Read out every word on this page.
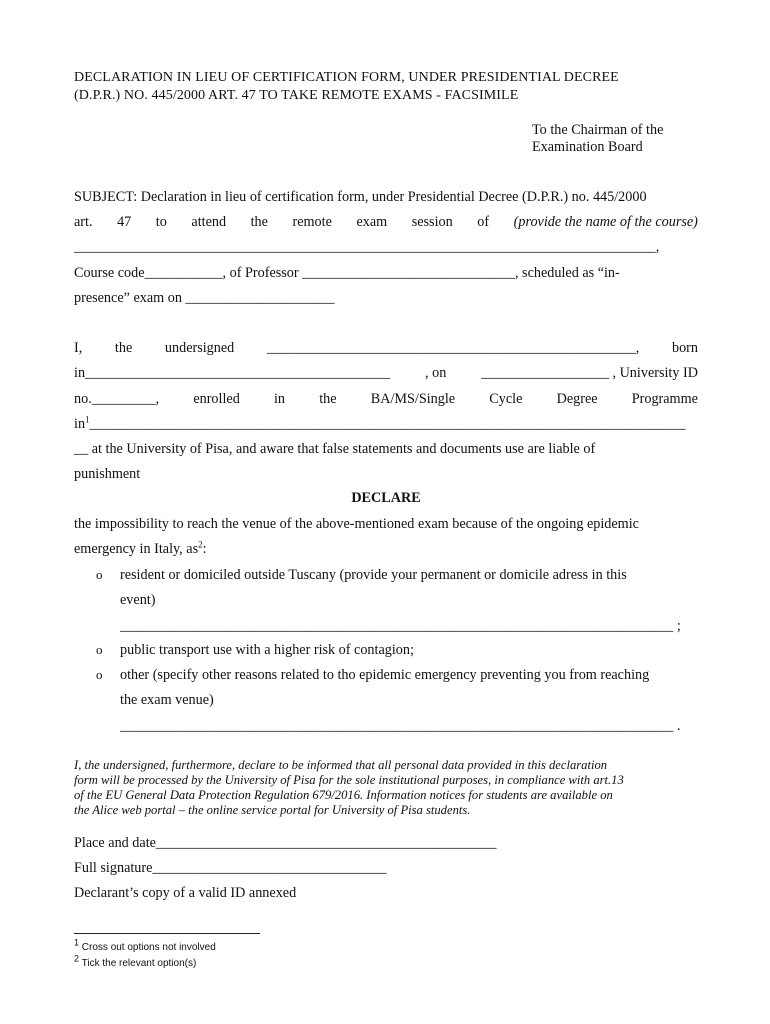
DECLARATION IN LIEU OF CERTIFICATION FORM, UNDER PRESIDENTIAL DECREE
(D.P.R.) NO. 445/2000 ART. 47 TO TAKE REMOTE EXAMS - FACSIMILE
To the Chairman of the
Examination Board
SUBJECT: Declaration in lieu of certification form, under Presidential Decree (D.P.R.) no. 445/2000
art. 47 to attend the remote exam session of (provide the name of the course)
__________________________________________________________________________________,
Course code___________, of Professor ______________________________, scheduled as “in-
presence” exam on _____________________
I, the undersigned ____________________________________________________, born
in___________________________________________ , on __________________ , University ID
no._________, enrolled in the BA/MS/Single Cycle Degree Programme
$in^1\_\_\_\_\_\_\_\_\_\_\_\_\_\_\_\_\_\_\_\_\_\_\_\_\_\_\_\_\_\_\_\_\_\_\_\_\_\_\_\_\_\_\_\_\_\_\_\_\_\_\_\_\_\_\_\_\_\_\_\_\_\_\_\_\_\_\_\_\_\_\_\_\_\_\_\_\_\_\_\_\_\_\_\_$
__ at the University of Pisa, and aware that false statements and documents use are liable of
punishment
DECLARE
the impossibility to reach the venue of the above-mentioned exam because of the ongoing epidemic
emergency in Italy, $as^2$:
o resident or domiciled outside Tuscany (provide your permanent or domicile adress in this
event)
______________________________________________________________________________ ;
o public transport use with a higher risk of contagion;
o other (specify other reasons related to tho epidemic emergency preventing you from reaching
the exam venue)
______________________________________________________________________________ .
I, the undersigned, furthermore, declare to be informed that all personal data provided in this declaration
form will be processed by the University of Pisa for the sole institutional purposes, in compliance with art.13
of the EU General Data Protection Regulation 679/2016. Information notices for students are available on
the Alice web portal – the online service portal for University of Pisa students.
Place and date________________________________________________
Full signature_________________________________
Declarant’s copy of a valid ID annexed
$^1$ Cross out options not involved
$^2$ Tick the relevant option(s)
